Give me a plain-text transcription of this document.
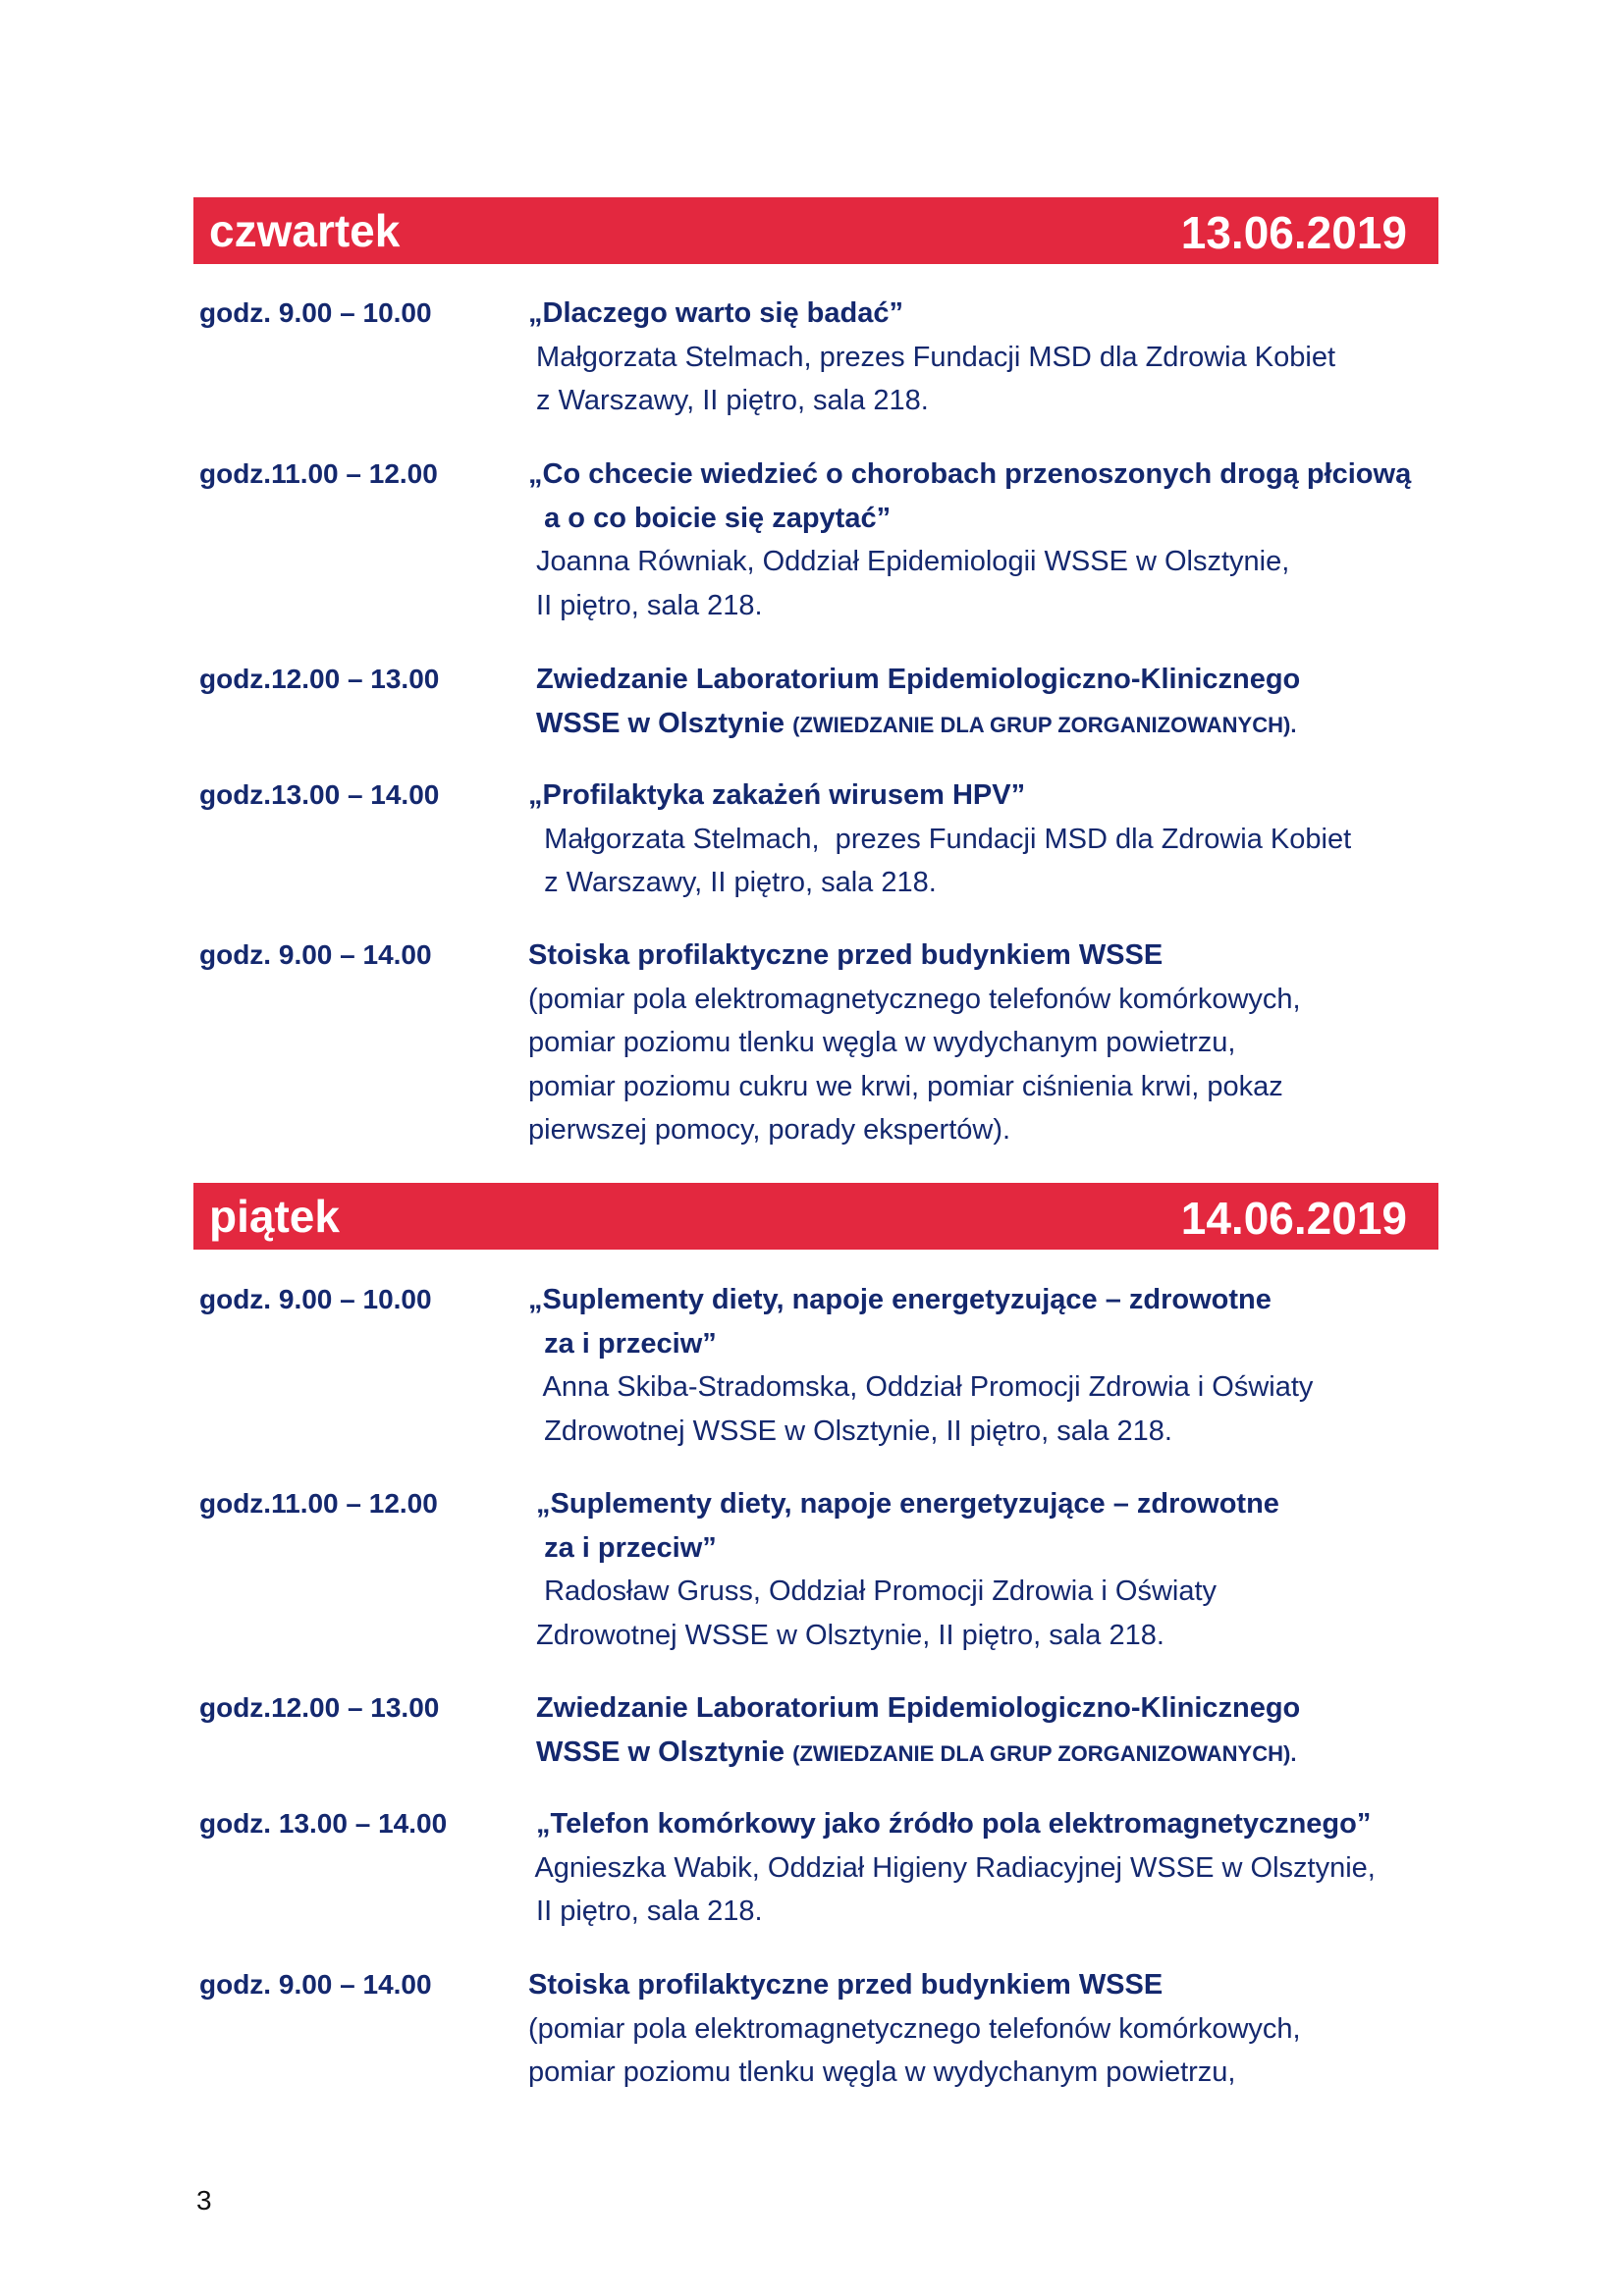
czwartek	13.06.2019
godz. 9.00 – 10.00	„Dlaczego warto się badać”
Małgorzata Stelmach, prezes Fundacji MSD dla Zdrowia Kobiet
z Warszawy, II piętro, sala 218.
godz.11.00 – 12.00	„Co chcecie wiedzieć o chorobach przenoszonych drogą płciową
a o co boicie się zapytać”
Joanna Równiak, Oddział Epidemiologii WSSE w Olsztynie,
II piętro, sala 218.
godz.12.00 – 13.00	Zwiedzanie Laboratorium Epidemiologiczno-Klinicznego
WSSE w Olsztynie (ZWIEDZANIE DLA GRUP ZORGANIZOWANYCH).
godz.13.00 – 14.00	„Profilaktyka zakażeń wirusem HPV”
Małgorzata Stelmach,  prezes Fundacji MSD dla Zdrowia Kobiet
z Warszawy, II piętro, sala 218.
godz. 9.00 – 14.00	Stoiska profilaktyczne przed budynkiem WSSE
(pomiar pola elektromagnetycznego telefonów komórkowych,
pomiar poziomu tlenku węgla w wydychanym powietrzu,
pomiar poziomu cukru we krwi, pomiar ciśnienia krwi, pokaz
pierwszej pomocy, porady ekspertów).
piątek	14.06.2019
godz. 9.00 – 10.00	„Suplementy diety, napoje energetyzujące – zdrowotne
za i przeciw”
Anna Skiba-Stradomska, Oddział Promocji Zdrowia i Oświaty
Zdrowotnej WSSE w Olsztynie, II piętro, sala 218.
godz.11.00 – 12.00	„Suplementy diety, napoje energetyzujące – zdrowotne
za i przeciw”
Radosław Gruss, Oddział Promocji Zdrowia i Oświaty
Zdrowotnej WSSE w Olsztynie, II piętro, sala 218.
godz.12.00 – 13.00	Zwiedzanie Laboratorium Epidemiologiczno-Klinicznego
WSSE w Olsztynie (ZWIEDZANIE DLA GRUP ZORGANIZOWANYCH).
godz. 13.00 – 14.00	„Telefon komórkowy jako źródło pola elektromagnetycznego”
Agnieszka Wabik, Oddział Higieny Radiacyjnej WSSE w Olsztynie,
II piętro, sala 218.
godz. 9.00 – 14.00	Stoiska profilaktyczne przed budynkiem WSSE
(pomiar pola elektromagnetycznego telefonów komórkowych,
pomiar poziomu tlenku węgla w wydychanym powietrzu,
3
